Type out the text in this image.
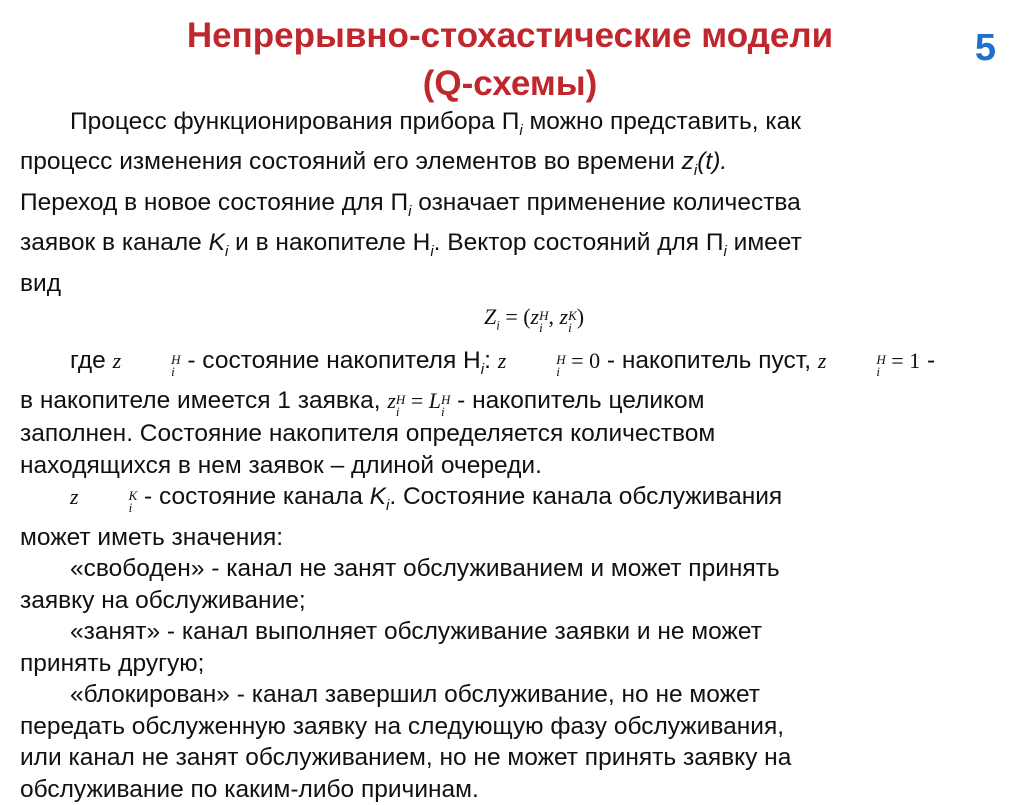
Непрерывно-стохастические модели
(Q-схемы)
5
Процесс функционирования прибора $П_i$ можно представить, как
процесс изменения состояний его элементов во времени $z_i(t)$.
Переход в новое состояние для $П_i$ означает применение количества
заявок в канале $K_i$ и в накопителе $Н_i$. Вектор состояний для $П_i$ имеет
вид
$Z_i = (z$ H
i , z K
i )
где z	H
i - состояние накопителя $Н_i$: z	H
i = 0 - накопитель пуст, z	H
i = 1 -
в накопителе имеется 1 заявка, z H
i = L H
i - накопитель целиком
заполнен. Состояние накопителя определяется количеством
находящихся в нем заявок – длиной очереди.
z	K
i - состояние канала $K_i$. Состояние канала обслуживания
может иметь значения:
«свободен» - канал не занят обслуживанием и может принять
заявку на обслуживание;
«занят» - канал выполняет обслуживание заявки и не может
принять другую;
«блокирован» - канал завершил обслуживание, но не может
передать обслуженную заявку на следующую фазу обслуживания,
или канал не занят обслуживанием, но не может принять заявку на
обслуживание по каким-либо причинам.
